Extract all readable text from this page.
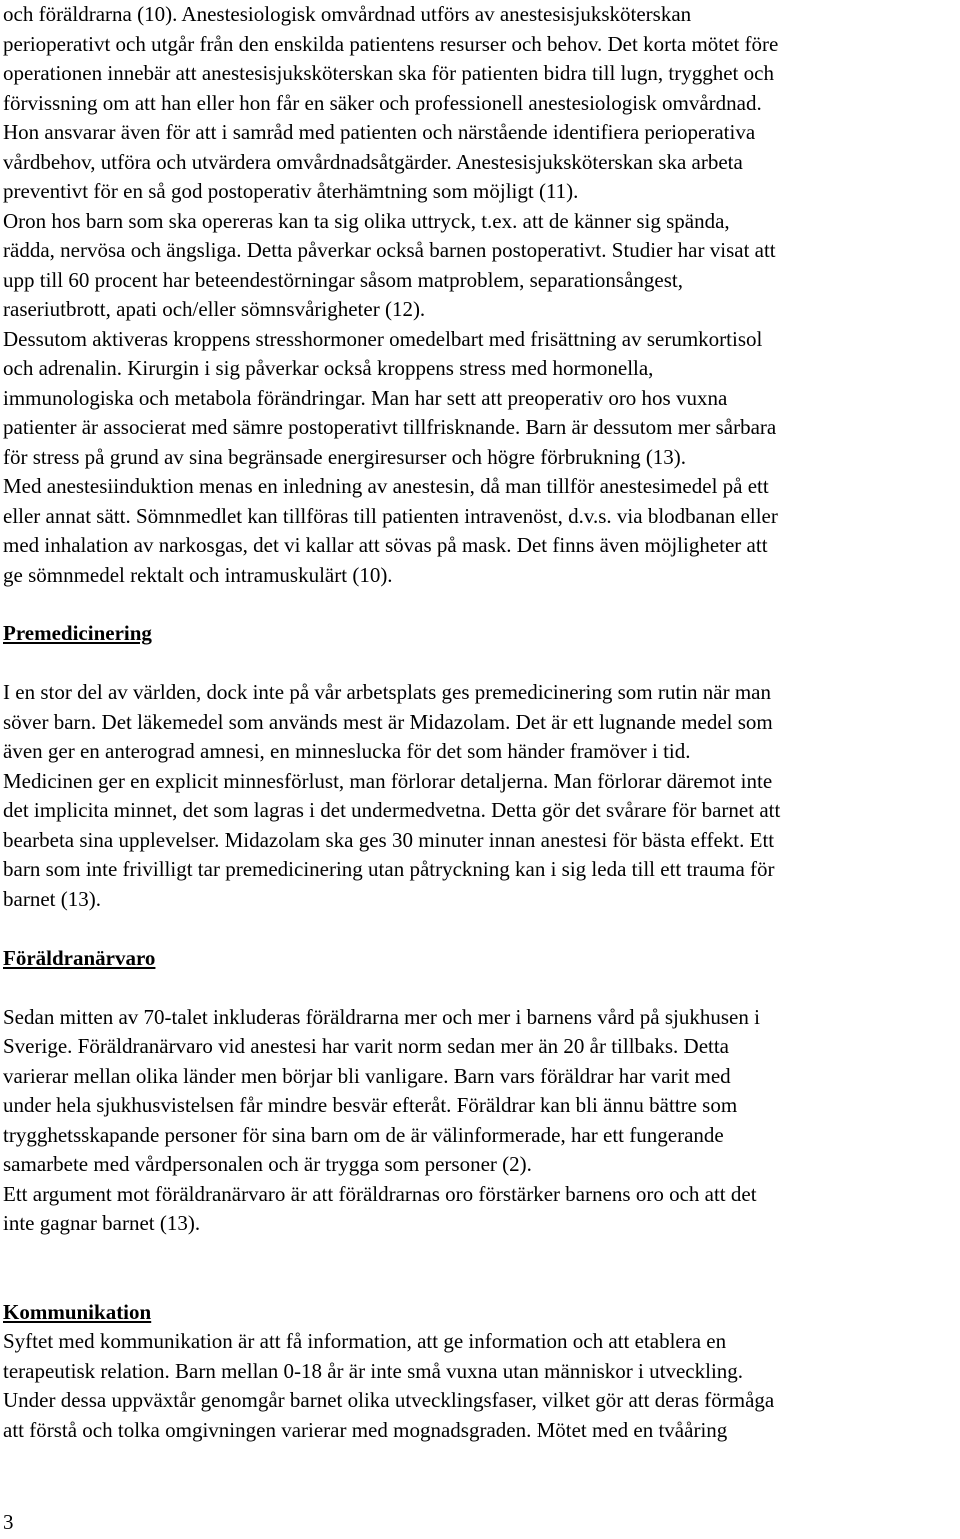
och föräldrarna (10). Anestesiologisk omvårdnad utförs av anestesisjuksköterskan
perioperativt och utgår från den enskilda patientens resurser och behov. Det korta mötet före
operationen innebär att anestesisjuksköterskan ska för patienten bidra till lugn, trygghet och
förvissning om att han eller hon får en säker och professionell anestesiologisk omvårdnad.
Hon ansvarar även för att i samråd med patienten och närstående identifiera perioperativa
vårdbehov, utföra och utvärdera omvårdnadsåtgärder. Anestesisjuksköterskan ska arbeta
preventivt för en så god postoperativ återhämtning som möjligt (11).
Oron hos barn som ska opereras kan ta sig olika uttryck, t.ex. att de känner sig spända,
rädda, nervösa och ängsliga. Detta påverkar också barnen postoperativt. Studier har visat att
upp till 60 procent har beteendestörningar såsom matproblem, separationsångest,
raseriutbrott, apati och/eller sömnsvårigheter (12).
Dessutom aktiveras kroppens stresshormoner omedelbart med frisättning av serumkortisol
och adrenalin. Kirurgin i sig påverkar också kroppens stress med hormonella,
immunologiska och metabola förändringar. Man har sett att preoperativ oro hos vuxna
patienter är associerat med sämre postoperativt tillfrisknande. Barn är dessutom mer sårbara
för stress på grund av sina begränsade energiresurser och högre förbrukning (13).
Med anestesiinduktion menas en inledning av anestesin, då man tillför anestesimedel på ett
eller annat sätt. Sömnmedlet kan tillföras till patienten intravenöst, d.v.s. via blodbanan eller
med inhalation av narkosgas, det vi kallar att sövas på mask. Det finns även möjligheter att
ge sömnmedel rektalt och intramuskulärt (10).
Premedicinering
I en stor del av världen, dock inte på vår arbetsplats ges premedicinering som rutin när man
söver barn. Det läkemedel som används mest är Midazolam. Det är ett lugnande medel som
även ger en anterograd amnesi, en minneslucka för det som händer framöver i tid.
Medicinen ger en explicit minnesförlust, man förlorar detaljerna. Man förlorar däremot inte
det implicita minnet, det som lagras i det undermedvetna. Detta gör det svårare för barnet att
bearbeta sina upplevelser. Midazolam ska ges 30 minuter innan anestesi för bästa effekt. Ett
barn som inte frivilligt tar premedicinering utan påtryckning kan i sig leda till ett trauma för
barnet (13).
Föräldranärvaro
Sedan mitten av 70-talet inkluderas föräldrarna mer och mer i barnens vård på sjukhusen i
Sverige. Föräldranärvaro vid anestesi har varit norm sedan mer än 20 år tillbaks. Detta
varierar mellan olika länder men börjar bli vanligare. Barn vars föräldrar har varit med
under hela sjukhusvistelsen får mindre besvär efteråt. Föräldrar kan bli ännu bättre som
trygghetsskapande personer för sina barn om de är välinformerade, har ett fungerande
samarbete med vårdpersonalen och är trygga som personer (2).
Ett argument mot föräldranärvaro är att föräldrarnas oro förstärker barnens oro och att det
inte gagnar barnet (13).
Kommunikation
Syftet med kommunikation är att få information, att ge information och att etablera en
terapeutisk relation. Barn mellan 0-18 år är inte små vuxna utan människor i utveckling.
Under dessa uppväxtår genomgår barnet olika utvecklingsfaser, vilket gör att deras förmåga
att förstå och tolka omgivningen varierar med mognadsgraden. Mötet med en tvååring
3
